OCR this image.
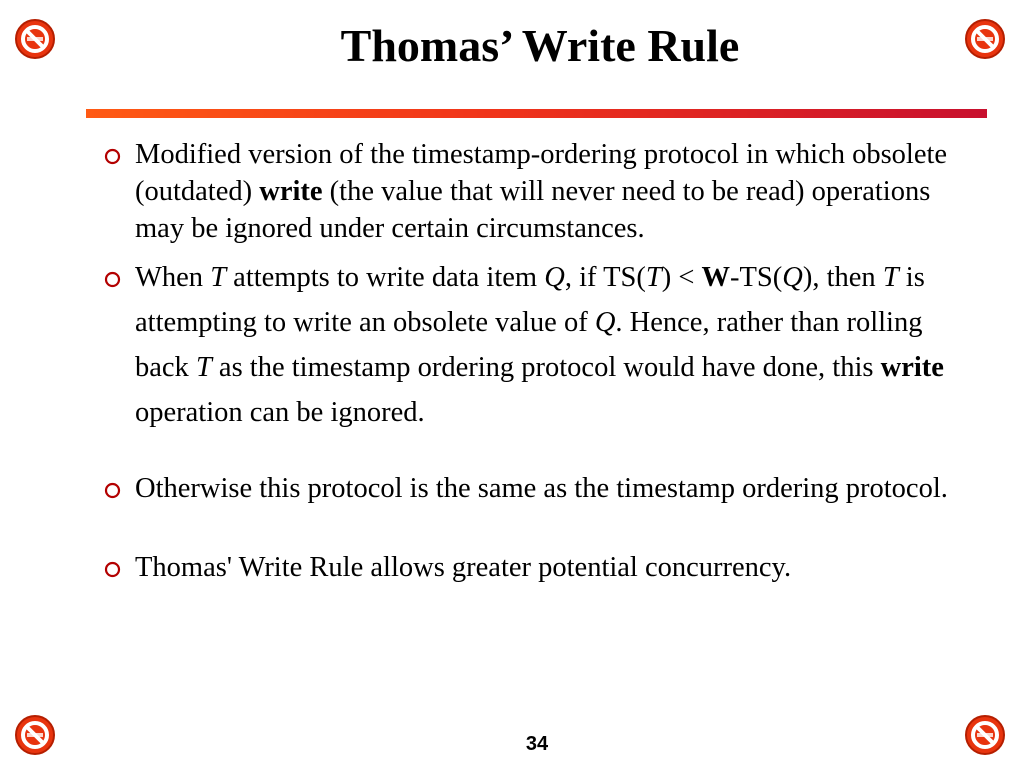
Thomas’ Write Rule
Modified version of the timestamp-ordering protocol in which obsolete (outdated) write (the value that will never need to be read) operations may be ignored under certain circumstances.
When T attempts to write data item Q, if TS(T) < W-TS(Q), then T is attempting to write an obsolete value of Q. Hence, rather than rolling back T as the timestamp ordering protocol would have done, this write operation can be ignored.
Otherwise this protocol is the same as the timestamp ordering protocol.
Thomas' Write Rule allows greater potential concurrency.
34
